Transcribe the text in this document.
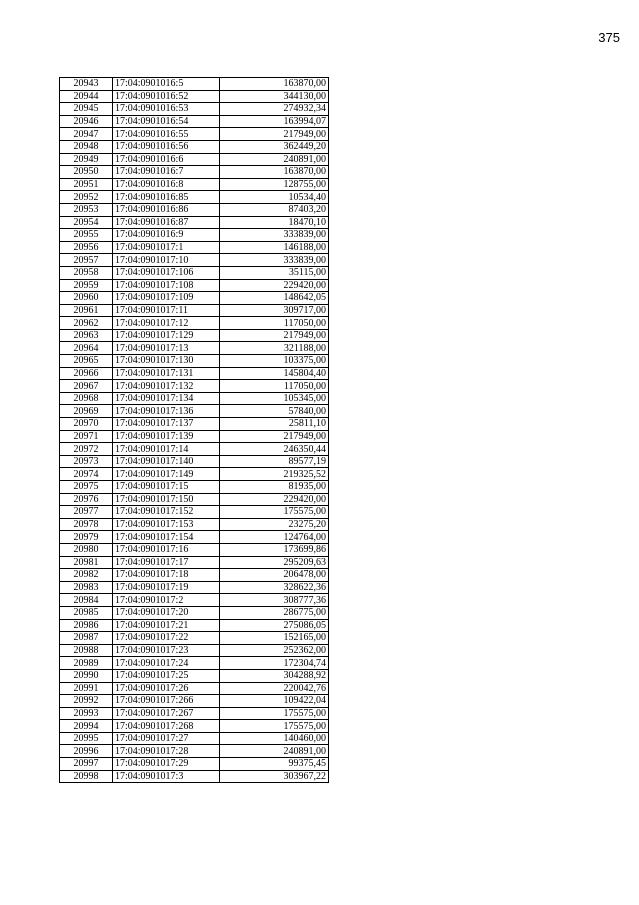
375
20943	17:04:0901016:5	163870,00
20944	17:04:0901016:52	344130,00
20945	17:04:0901016:53	274932,34
20946	17:04:0901016:54	163994,07
20947	17:04:0901016:55	217949,00
20948	17:04:0901016:56	362449,20
20949	17:04:0901016:6	240891,00
20950	17:04:0901016:7	163870,00
20951	17:04:0901016:8	128755,00
20952	17:04:0901016:85	10534,40
20953	17:04:0901016:86	87403,20
20954	17:04:0901016:87	18470,10
20955	17:04:0901016:9	333839,00
20956	17:04:0901017:1	146188,00
20957	17:04:0901017:10	333839,00
20958	17:04:0901017:106	35115,00
20959	17:04:0901017:108	229420,00
20960	17:04:0901017:109	148642,05
20961	17:04:0901017:11	309717,00
20962	17:04:0901017:12	117050,00
20963	17:04:0901017:129	217949,00
20964	17:04:0901017:13	321188,00
20965	17:04:0901017:130	103375,00
20966	17:04:0901017:131	145804,40
20967	17:04:0901017:132	117050,00
20968	17:04:0901017:134	105345,00
20969	17:04:0901017:136	57840,00
20970	17:04:0901017:137	25811,10
20971	17:04:0901017:139	217949,00
20972	17:04:0901017:14	246350,44
20973	17:04:0901017:140	89577,19
20974	17:04:0901017:149	219325,52
20975	17:04:0901017:15	81935,00
20976	17:04:0901017:150	229420,00
20977	17:04:0901017:152	175575,00
20978	17:04:0901017:153	23275,20
20979	17:04:0901017:154	124764,00
20980	17:04:0901017:16	173699,86
20981	17:04:0901017:17	295209,63
20982	17:04:0901017:18	206478,00
20983	17:04:0901017:19	328622,36
20984	17:04:0901017:2	308777,36
20985	17:04:0901017:20	286775,00
20986	17:04:0901017:21	275086,05
20987	17:04:0901017:22	152165,00
20988	17:04:0901017:23	252362,00
20989	17:04:0901017:24	172304,74
20990	17:04:0901017:25	304288,92
20991	17:04:0901017:26	220042,76
20992	17:04:0901017:266	109422,04
20993	17:04:0901017:267	175575,00
20994	17:04:0901017:268	175575,00
20995	17:04:0901017:27	140460,00
20996	17:04:0901017:28	240891,00
20997	17:04:0901017:29	99375,45
20998	17:04:0901017:3	303967,22
